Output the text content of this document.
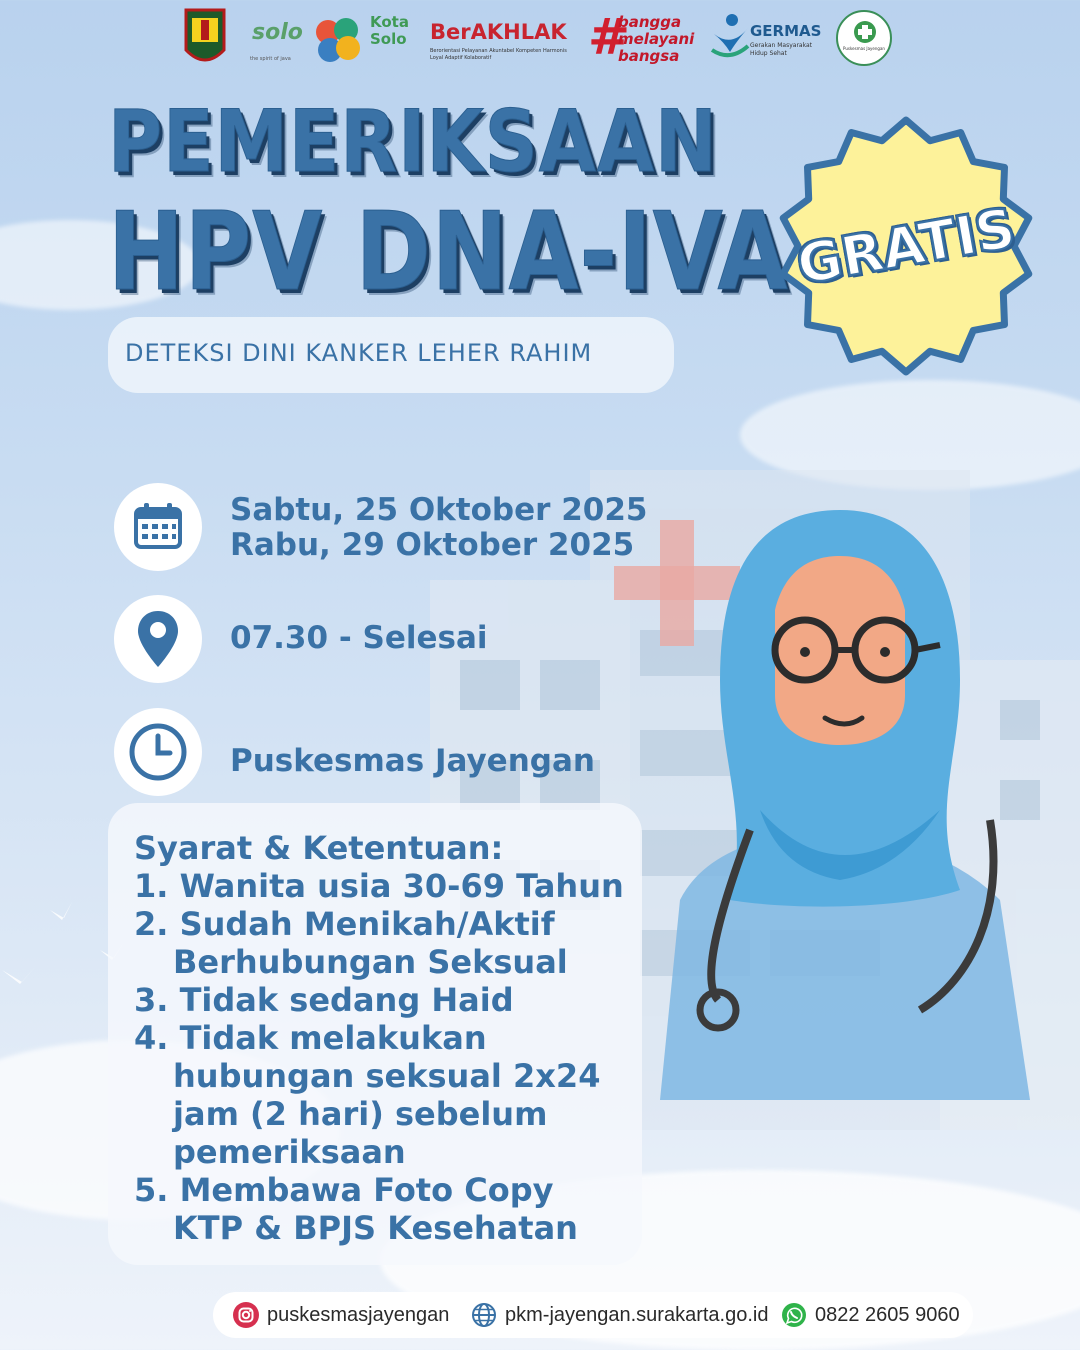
solo
the spirit of java
Kota Solo	BerAKHLAK
Berorientasi Pelayanan Akuntabel Kompeten Harmonis Loyal Adaptif Kolaboratif	#
bangga melayani bangsa
GERMAS
Gerakan Masyarakat Hidup Sehat
Puskesmas Jayengan
PEMERIKSAAN
HPV DNA-IVA
DETEKSI DINI KANKER LEHER RAHIM
GRATIS
Sabtu, 25 Oktober 2025
Rabu, 29 Oktober 2025
07.30 - Selesai
Puskesmas Jayengan
Syarat & Ketentuan:
1. Wanita usia 30-69 Tahun
2. Sudah Menikah/Aktif
Berhubungan Seksual
3. Tidak sedang Haid
4. Tidak melakukan
hubungan seksual 2x24
jam (2 hari) sebelum
pemeriksaan
5. Membawa Foto Copy
KTP & BPJS Kesehatan
puskesmasjayengan	pkm-jayengan.surakarta.go.id 0822 2605 9060
